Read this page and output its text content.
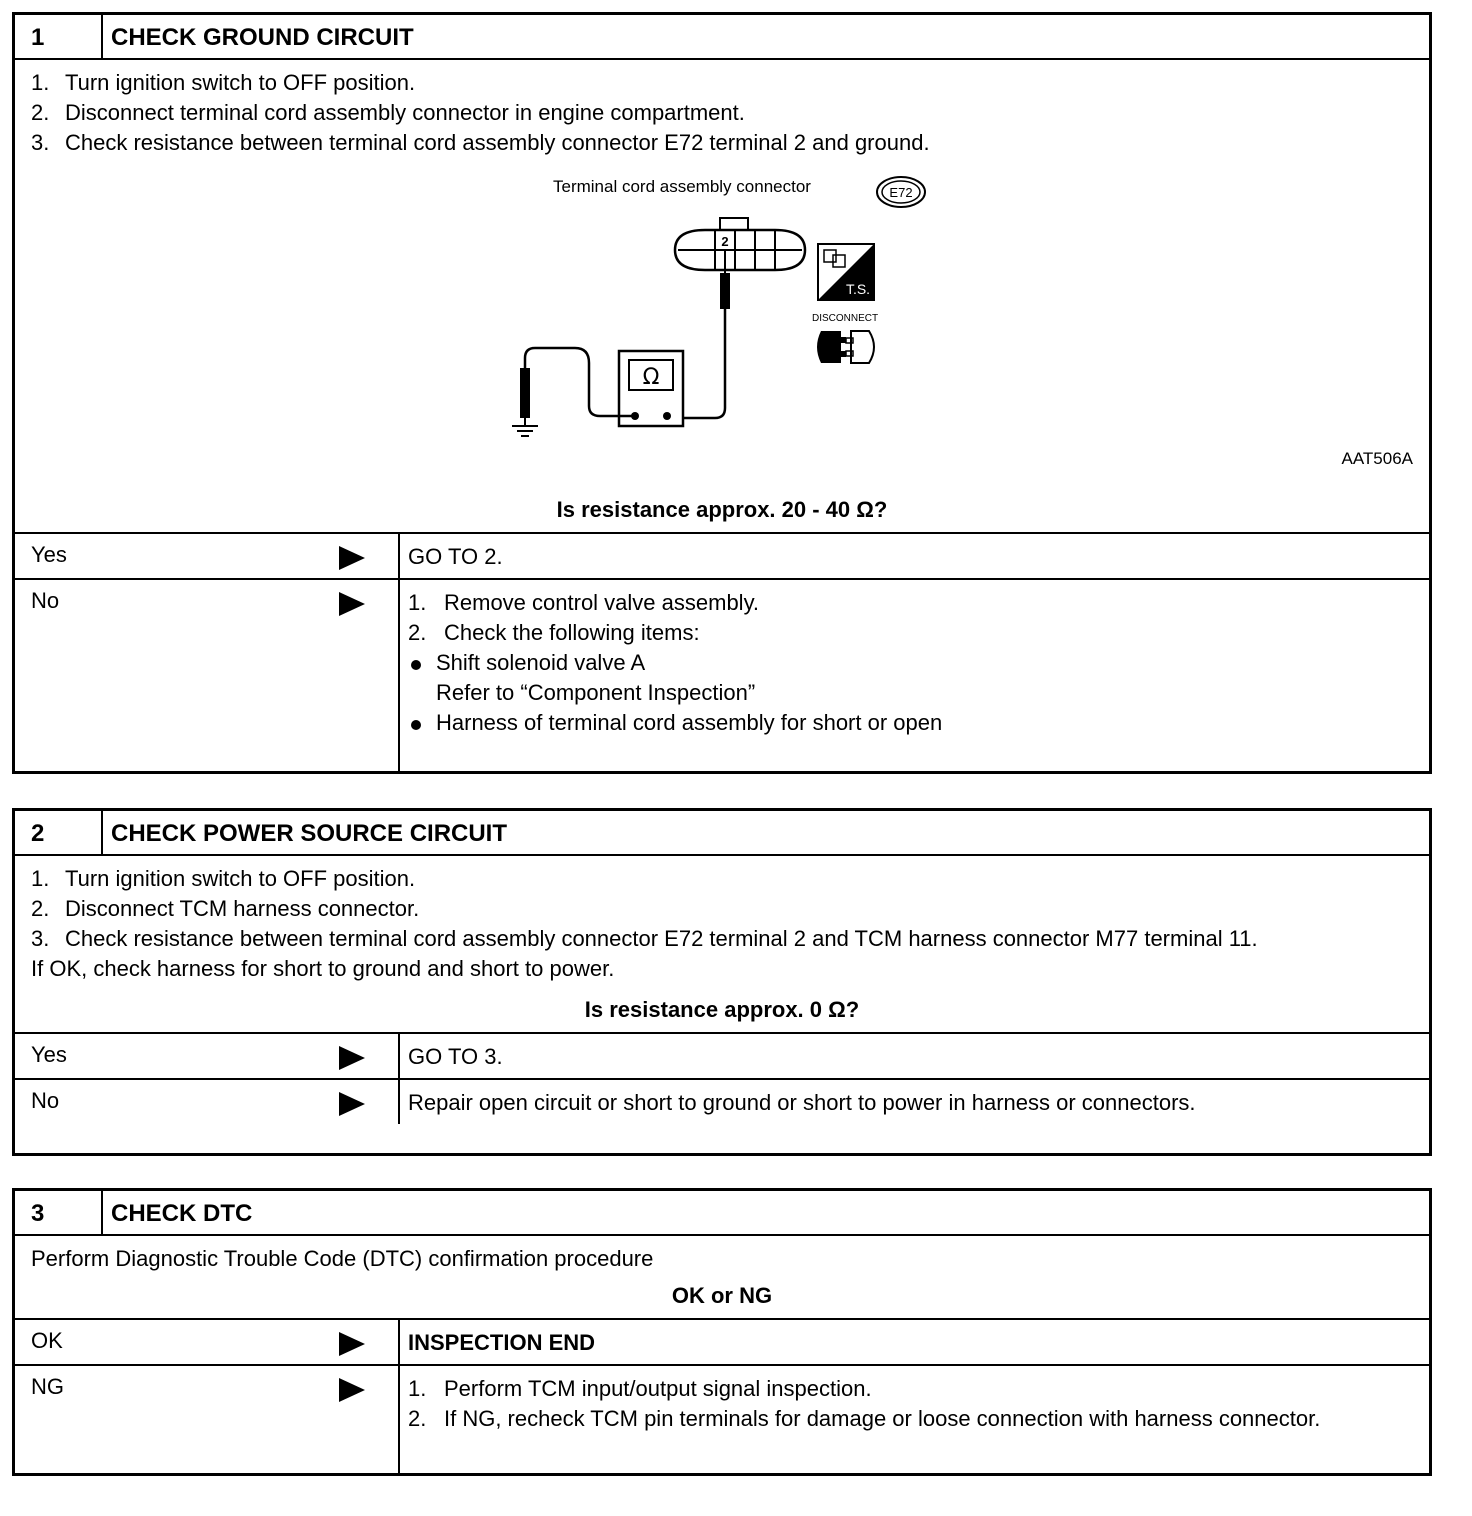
1	CHECK GROUND CIRCUIT
1. Turn ignition switch to OFF position.
2. Disconnect terminal cord assembly connector in engine compartment.
3. Check resistance between terminal cord assembly connector E72 terminal 2 and ground.
Terminal cord assembly connector	E72
2
Ω
T.S.
DISCONNECT
AAT506A
Is resistance approx. 20 - 40 Ω?
Yes	GO TO 2.
No	1. Remove control valve assembly.
2. Check the following items:
Shift solenoid valve A
Refer to “Component Inspection”
Harness of terminal cord assembly for short or open
2	CHECK POWER SOURCE CIRCUIT
1. Turn ignition switch to OFF position.
2. Disconnect TCM harness connector.
3. Check resistance between terminal cord assembly connector E72 terminal 2 and TCM harness connector M77 terminal 11.
If OK, check harness for short to ground and short to power.
Is resistance approx. 0 Ω?
Yes	GO TO 3.
No	Repair open circuit or short to ground or short to power in harness or connectors.
3	CHECK DTC
Perform Diagnostic Trouble Code (DTC) confirmation procedure
OK or NG
OK	INSPECTION END
NG	1. Perform TCM input/output signal inspection.
2. If NG, recheck TCM pin terminals for damage or loose connection with harness connector.
